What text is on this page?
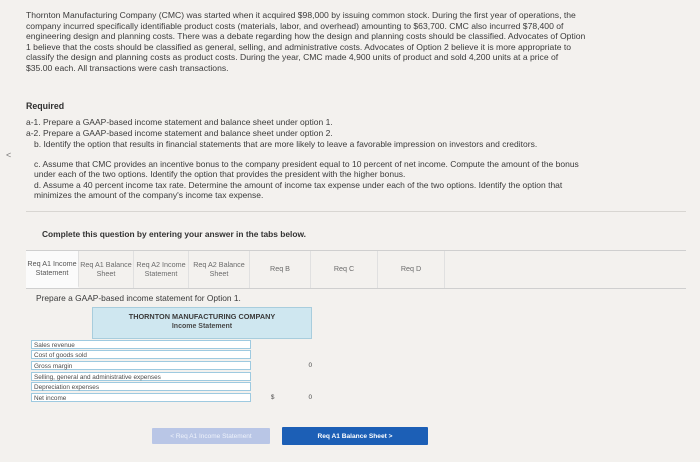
<
Thornton Manufacturing Company (CMC) was started when it acquired $98,000 by issuing common stock. During the first year of operations, the company incurred specifically identifiable product costs (materials, labor, and overhead) amounting to $63,700. CMC also incurred $78,400 of engineering design and planning costs. There was a debate regarding how the design and planning costs should be classified. Advocates of Option 1 believe that the costs should be classified as general, selling, and administrative costs. Advocates of Option 2 believe it is more appropriate to classify the design and planning costs as product costs. During the year, CMC made 4,900 units of product and sold 4,200 units at a price of $35.00 each. All transactions were cash transactions.
Required
a-1. Prepare a GAAP-based income statement and balance sheet under option 1.
a-2. Prepare a GAAP-based income statement and balance sheet under option 2.
b. Identify the option that results in financial statements that are more likely to leave a favorable impression on investors and creditors.
c. Assume that CMC provides an incentive bonus to the company president equal to 10 percent of net income. Compute the amount of the bonus under each of the two options. Identify the option that provides the president with the higher bonus.
d. Assume a 40 percent income tax rate. Determine the amount of income tax expense under each of the two options. Identify the option that minimizes the amount of the company's income tax expense.
Complete this question by entering your answer in the tabs below.
Req A1 Income Statement
Req A1 Balance Sheet
Req A2 Income Statement
Req A2 Balance Sheet	Req B	Req C	Req D
Prepare a GAAP-based income statement for Option 1.
THORNTON MANUFACTURING COMPANY
Income Statement
Sales revenue
Cost of goods sold
Gross margin	0
Selling, general and administrative expenses
Depreciation expenses
Net income	$	0
< Req A1 Income Statement	Req A1 Balance Sheet >
